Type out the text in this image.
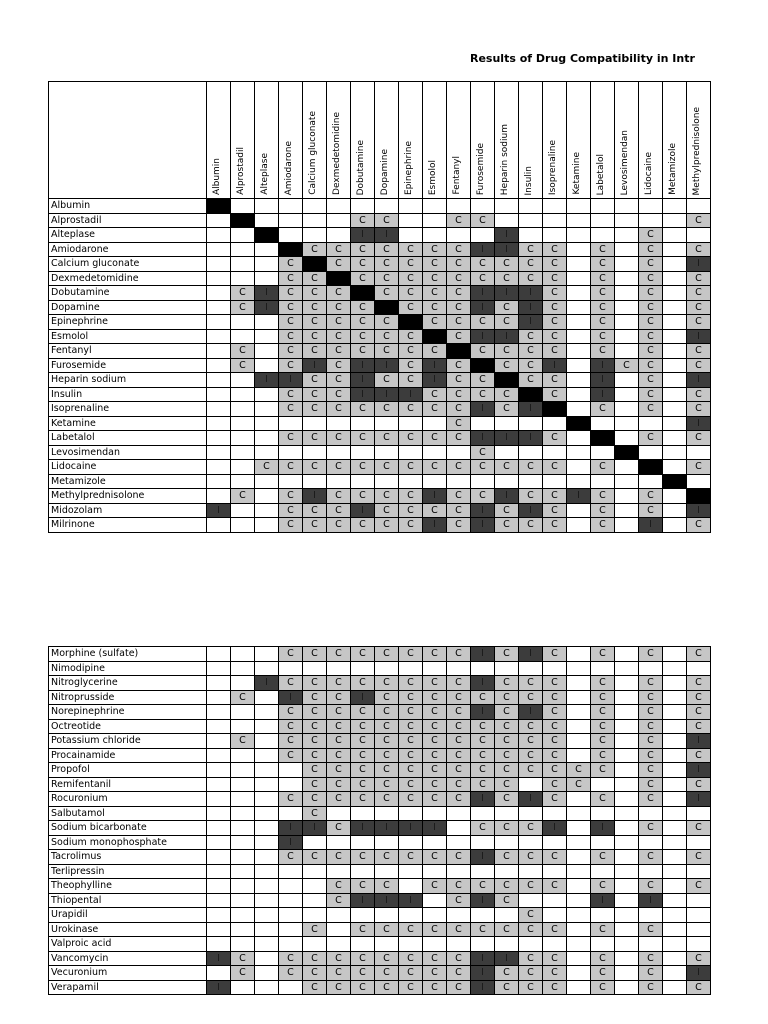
Results of Drug Compatibility in Intr

	Albumin	Alprostadil	Alteplase	Amiodarone	Calcium gluconate	Dexmedetomidine	Dobutamine	Dopamine	Epinephrine	Esmolol	Fentanyl	Furosemide	Heparin sodium	Insulin	Isoprenaline	Ketamine	Labetalol	Levosimendan	Lidocaine	Metamizole	Methylprednisolone

Albumin																					
Alprostadil							C	C			C	C									C
Alteplase							I	I					I						C		
Amiodarone					C	C	C	C	C	C	C	I	I	C	C		C		C		C
Calcium gluconate				C		C	C	C	C	C	C	C	C	C	C		C		C		I
Dexmedetomidine				C	C		C	C	C	C	C	C	C	C	C		C		C		C
Dobutamine		C	I	C	C	C		C	C	C	C	I	I	I	C		C		C		C
Dopamine		C	I	C	C	C	C		C	C	C	I	C	I	C		C		C		C
Epinephrine				C	C	C	C	C		C	C	C	C	I	C		C		C		C
Esmolol				C	C	C	C	C	C		C	I	I	C	C		C		C		I
Fentanyl		C		C	C	C	C	C	C	C		C	C	C	C		C		C		C
Furosemide		C		C	I	C	I	I	C	I	C		C	C	I		I	C	C		C
Heparin sodium			I	I	C	C	I	C	C	I	C	C		C	C		I		C		I
Insulin				C	C	C	I	I	I	C	C	C	C		C		I		C		C
Isoprenaline				C	C	C	C	C	C	C	C	I	C	I			C		C		C
Ketamine											C										I
Labetalol				C	C	C	C	C	C	C	C	I	I	I	C				C		C
Levosimendan												C									
Lidocaine			C	C	C	C	C	C	C	C	C	C	C	C	C		C				C
Metamizole																					
Methylprednisolone		C		C	I	C	C	C	C	I	C	C	I	C	C	I	C		C		
Midozolam	I			C	C	C	I	C	C	C	C	I	C	I	C		C		C		I
Milrinone				C	C	C	C	C	C	I	C	I	C	C	C		C		I		C
Morphine (sulfate)				C	C	C	C	C	C	C	C	I	C	I	C		C		C		C
Nimodipine																					
Nitroglycerine			I	C	C	C	C	C	C	C	C	I	C	C	C		C		C		C
Nitroprusside		C		I	C	C	I	C	C	C	C	C	C	C	C		C		C		C
Norepinephrine				C	C	C	C	C	C	C	C	I	C	I	C		C		C		C
Octreotide				C	C	C	C	C	C	C	C	C	C	C	C		C		C		C
Potassium chloride		C		C	C	C	C	C	C	C	C	C	C	C	C		C		C		I
Procainamide				C	C	C	C	C	C	C	C	C	C	C	C		C		C		C
Propofol					C	C	C	C	C	C	C	C	C	C	C	C	C		C		I
Remifentanil					C	C	C	C	C	C	C	C	C		C	C			C		C
Rocuronium				C	C	C	C	C	C	C	C	I	C	I	C		C		C		I
Salbutamol					C																
Sodium bicarbonate				I	I	C	I	I	I	I		C	C	C	I		I		C		C
Sodium monophosphate				I																	
Tacrolimus				C	C	C	C	C	C	C	C	I	C	C	C		C		C		C
Terlipressin																					
Theophylline						C	C	C		C	C	C	C	C	C		C		C		C
Thiopental						C	I	I	I		C	I	C				I		I		
Urapidil														C							
Urokinase					C		C	C	C	C	C	C	C	C	C		C		C		
Valproic acid																					
Vancomycin	I	C		C	C	C	C	C	C	C	C	I	I	C	C		C		C		C
Vecuronium		C		C	C	C	C	C	C	C	C	I	C	C	C		C		C		I
Verapamil	I				C	C	C	C	C	C	C	I	C	C	C		C		C		C
